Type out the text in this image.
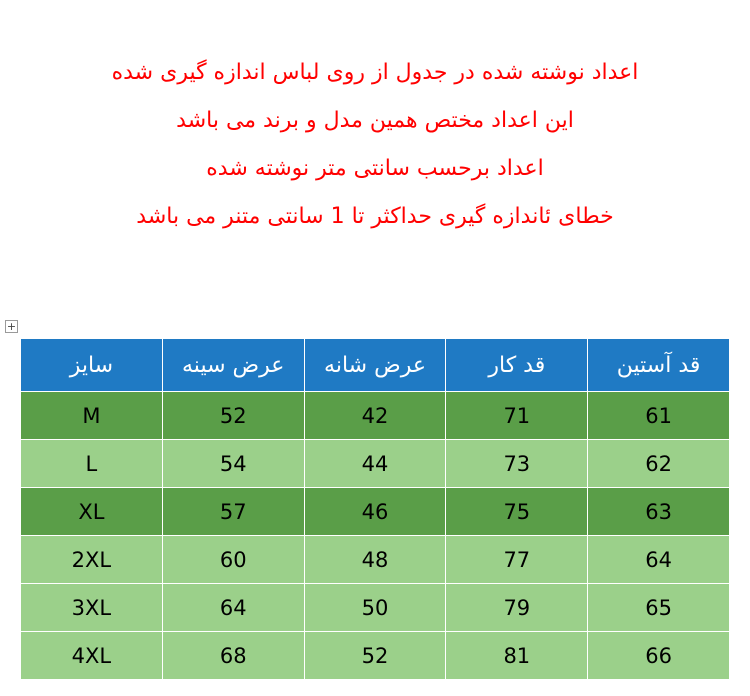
اعداد نوشته شده در جدول از روی لباس اندازه گیری شده
این اعداد مختص همین مدل و برند می باشد
اعداد برحسب سانتی متر نوشته شده
خطای ئاندازه گیری حداکثر تا 1 سانتی متنر می باشد
+
قد آستین	قد کار	عرض شانه	عرض سینه	سایز
61	71	42	52	M
62	73	44	54	L
63	75	46	57	XL
64	77	48	60	2XL
65	79	50	64	3XL
66	81	52	68	4XL
